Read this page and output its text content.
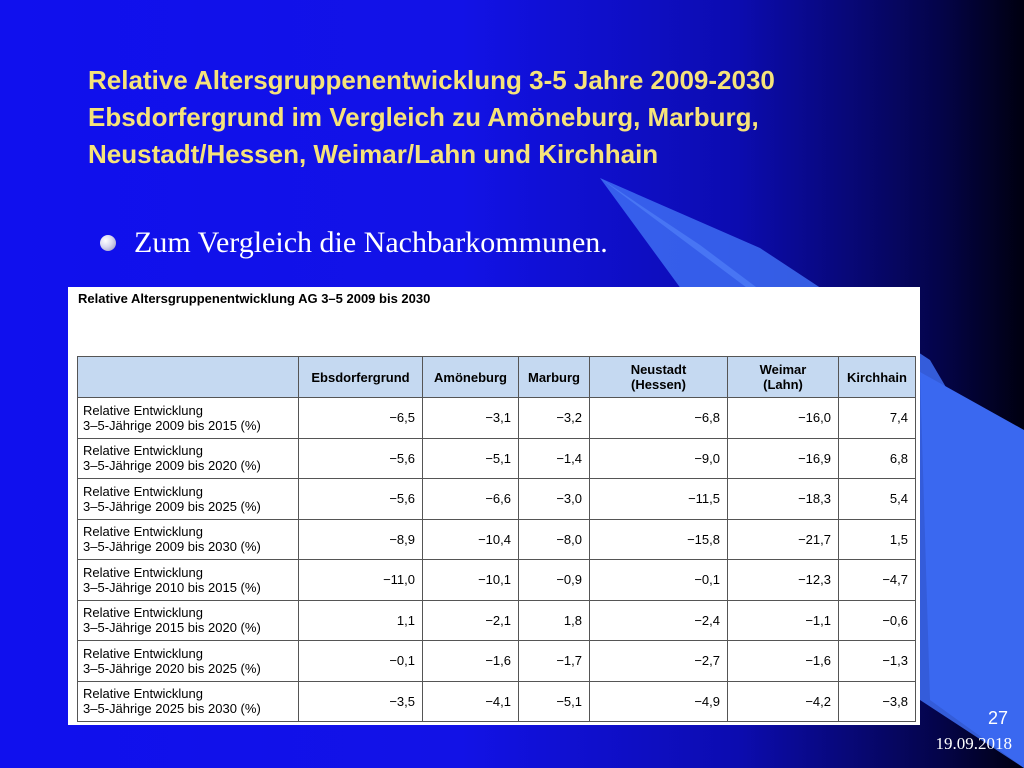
Relative Altersgruppenentwicklung 3-5 Jahre 2009-2030
Ebsdorfergrund im Vergleich zu Amöneburg, Marburg,
Neustadt/Hessen, Weimar/Lahn und Kirchhain
Zum Vergleich die Nachbarkommunen.

Relative Altersgruppenentwicklung AG 3–5 2009 bis 2030

	Ebsdorfergrund	Amöneburg	Marburg	Neustadt
(Hessen)	Weimar
(Lahn)	Kirchhain
Relative Entwicklung
3–5-Jährige 2009 bis 2015 (%)	−6,5	−3,1	−3,2	−6,8	−16,0	7,4
Relative Entwicklung
3–5-Jährige 2009 bis 2020 (%)	−5,6	−5,1	−1,4	−9,0	−16,9	6,8
Relative Entwicklung
3–5-Jährige 2009 bis 2025 (%)	−5,6	−6,6	−3,0	−11,5	−18,3	5,4
Relative Entwicklung
3–5-Jährige 2009 bis 2030 (%)	−8,9	−10,4	−8,0	−15,8	−21,7	1,5
Relative Entwicklung
3–5-Jährige 2010 bis 2015 (%)	−11,0	−10,1	−0,9	−0,1	−12,3	−4,7
Relative Entwicklung
3–5-Jährige 2015 bis 2020 (%)	1,1	−2,1	1,8	−2,4	−1,1	−0,6
Relative Entwicklung
3–5-Jährige 2020 bis 2025 (%)	−0,1	−1,6	−1,7	−2,7	−1,6	−1,3
Relative Entwicklung
3–5-Jährige 2025 bis 2030 (%)	−3,5	−4,1	−5,1	−4,9	−4,2	−3,8
27
19.09.2018
